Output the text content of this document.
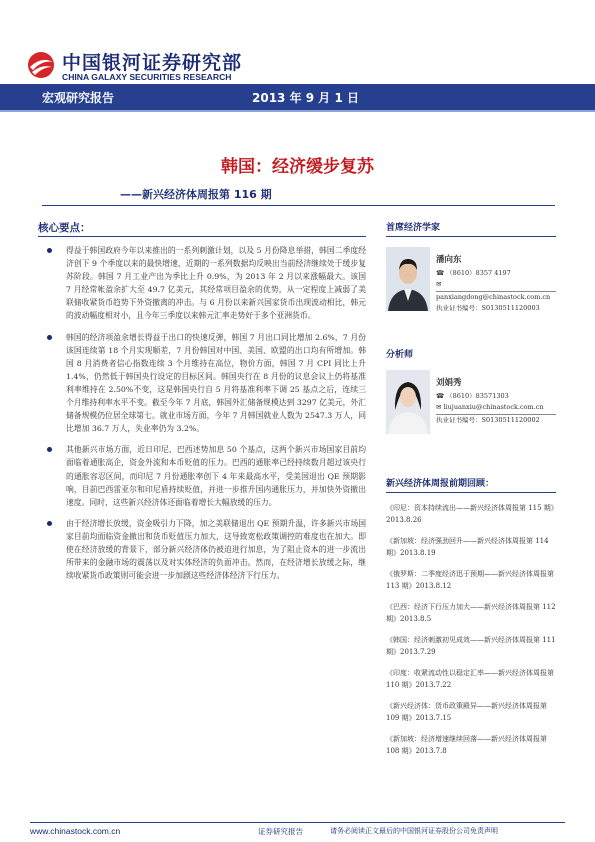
中国银河证券研究部
CHINA GALAXY SECURITIES RESEARCH
宏观研究报告	2013 年 9 月 1 日
韩国：经济缓步复苏
——新兴经济体周报第 116 期
核心要点：
得益于韩国政府今年以来推出的一系列刺激计划，以及 5 月份降息举措，韩国二季度经济创下 9 个季度以来的最快增速，近期的一系列数据均反映出当前经济继续处于缓步复苏阶段。韩国 7 月工业产出为季比上升 0.9%，为 2013 年 2 月以来涨幅最大。该国 7 月经常帐盈余扩大至 49.7 亿美元，其经常项目盈余的优势，从一定程度上减弱了美联储收紧货币趋势下外资撤离的冲击。与 6 月份以来新兴国家货币出现波动相比，韩元的波动幅度相对小，且今年三季度以来韩元汇率走势好于多个亚洲货币。
韩国的经济项盈余增长得益于出口的快速反弹，韩国 7 月出口同比增加 2.6%，7 月份该国连续第 18 个月实现顺差，7 月份韩国对中国、美国、欧盟的出口均有所增加。韩国 8 月消费者信心指数连续 3 个月维持在高位，物价方面，韩国 7 月 CPI 同比上升 1.4%，仍然低于韩国央行设定的目标区间。韩国央行在 8 月份的议息会议上仍将基准利率维持在 2.50%不变，这是韩国央行自 5 月将基准利率下调 25 基点之后，连续三个月维持利率水平不变。截至今年 7 月底，韩国外汇储备规模达到 3297 亿美元，外汇储备规模仍位居全球第七。就业市场方面，今年 7 月韩国就业人数为 2547.3 万人，同比增加 36.7 万人，失业率仍为 3.2%。
其他新兴市场方面，近日印尼、巴西述势加息 50 个基点，这两个新兴市场国家目前均面临着通胀高企，资金外流和本币贬值的压力。巴西的通胀率已经持续数月超过该央行的通胀容忍区间，而印尼 7 月份通胀率创下 4 年来最高水平，受美国退出 QE 预期影响，目前巴西雷亚尔和印尼盾持续贬值，并进一步推升国内通胀压力，并加快外资撤出速度。同时，这些新兴经济体还面临着增长大幅放缓的压力。
由于经济增长放缓，资金吸引力下降，加之美联储退出 QE 预期升温，许多新兴市场国家目前均面临资金撤出和货币贬值压力加大，这导致宽松政策调控的难度也在加大。即使在经济放缓的背景下，部分新兴经济体仍被迫进行加息，为了阻止资本的进一步流出所带来的金融市场的震荡以及对实体经济的负面冲击。然而，在经济增长放缓之际，继续收紧货币政策则可能会进一步加剧这些经济体经济下行压力。
首席经济学家
潘向东
☎ （8610）8357 4197
✉
panxiangdong@chinastock.com.cn
执业证书编号：S0130511120003
分析师
刘娟秀
☎ （8610）83571303
✉ liujuanxiu@chinastock.com.cn
执业证书编号：S0130511120002
新兴经济体周报前期回顾：
《印尼：资本持续流出——新兴经济体周报第 115 期》2013.8.26
《新加坡：经济强劲回升——新兴经济体周报第 114 期》2013.8.19
《俄罗斯：二季度经济迅于预期——新兴经济体周报第 113 期》2013.8.12
《巴西：经济下行压力加大——新兴经济体周报第 112 期》2013.8.5
《韩国：经济刺激初见成效——新兴经济体周报第 111 期》2013.7.29
《印度：收紧流动性以稳定汇率——新兴经济体周报第 110 期》2013.7.22
《新兴经济体：货币政策殿异——新兴经济体周报第 109 期》2013.7.15
《新加坡：经济增速继续回落——新兴经济体周报第 108 期》2013.7.8
www.chinastock.com.cn	证券研究报告	请务必阅读正文最后的中国银河证券股份公司免责声明
